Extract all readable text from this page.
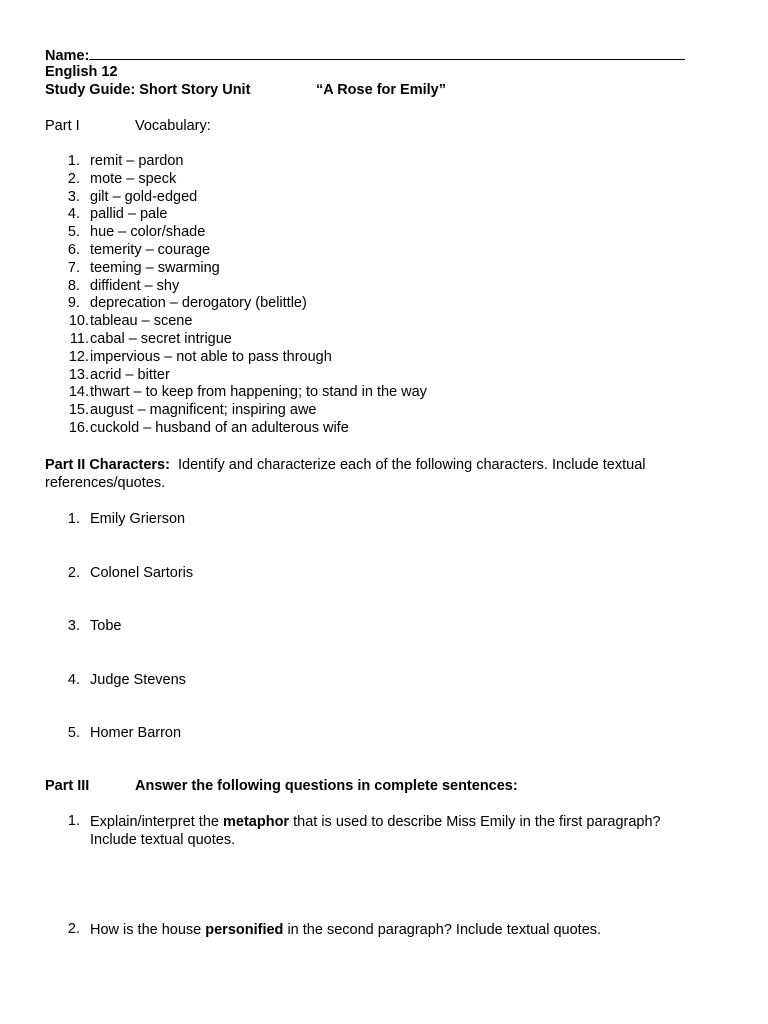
Name:
English 12
Study Guide: Short Story Unit	“A Rose for Emily”
Part I	Vocabulary:
1. remit – pardon
2. mote – speck
3. gilt – gold-edged
4. pallid – pale
5. hue – color/shade
6. temerity – courage
7. teeming – swarming
8. diffident – shy
9. deprecation – derogatory (belittle)
10. tableau – scene
11. cabal – secret intrigue
12. impervious – not able to pass through
13. acrid – bitter
14. thwart – to keep from happening; to stand in the way
15. august – magnificent; inspiring awe
16. cuckold – husband of an adulterous wife
Part II Characters: Identify and characterize each of the following characters. Include textual references/quotes.
1. Emily Grierson
2. Colonel Sartoris
3. Tobe
4. Judge Stevens
5. Homer Barron
Part III	Answer the following questions in complete sentences:
1. Explain/interpret the metaphor that is used to describe Miss Emily in the first paragraph? Include textual quotes.
2. How is the house personified in the second paragraph? Include textual quotes.
